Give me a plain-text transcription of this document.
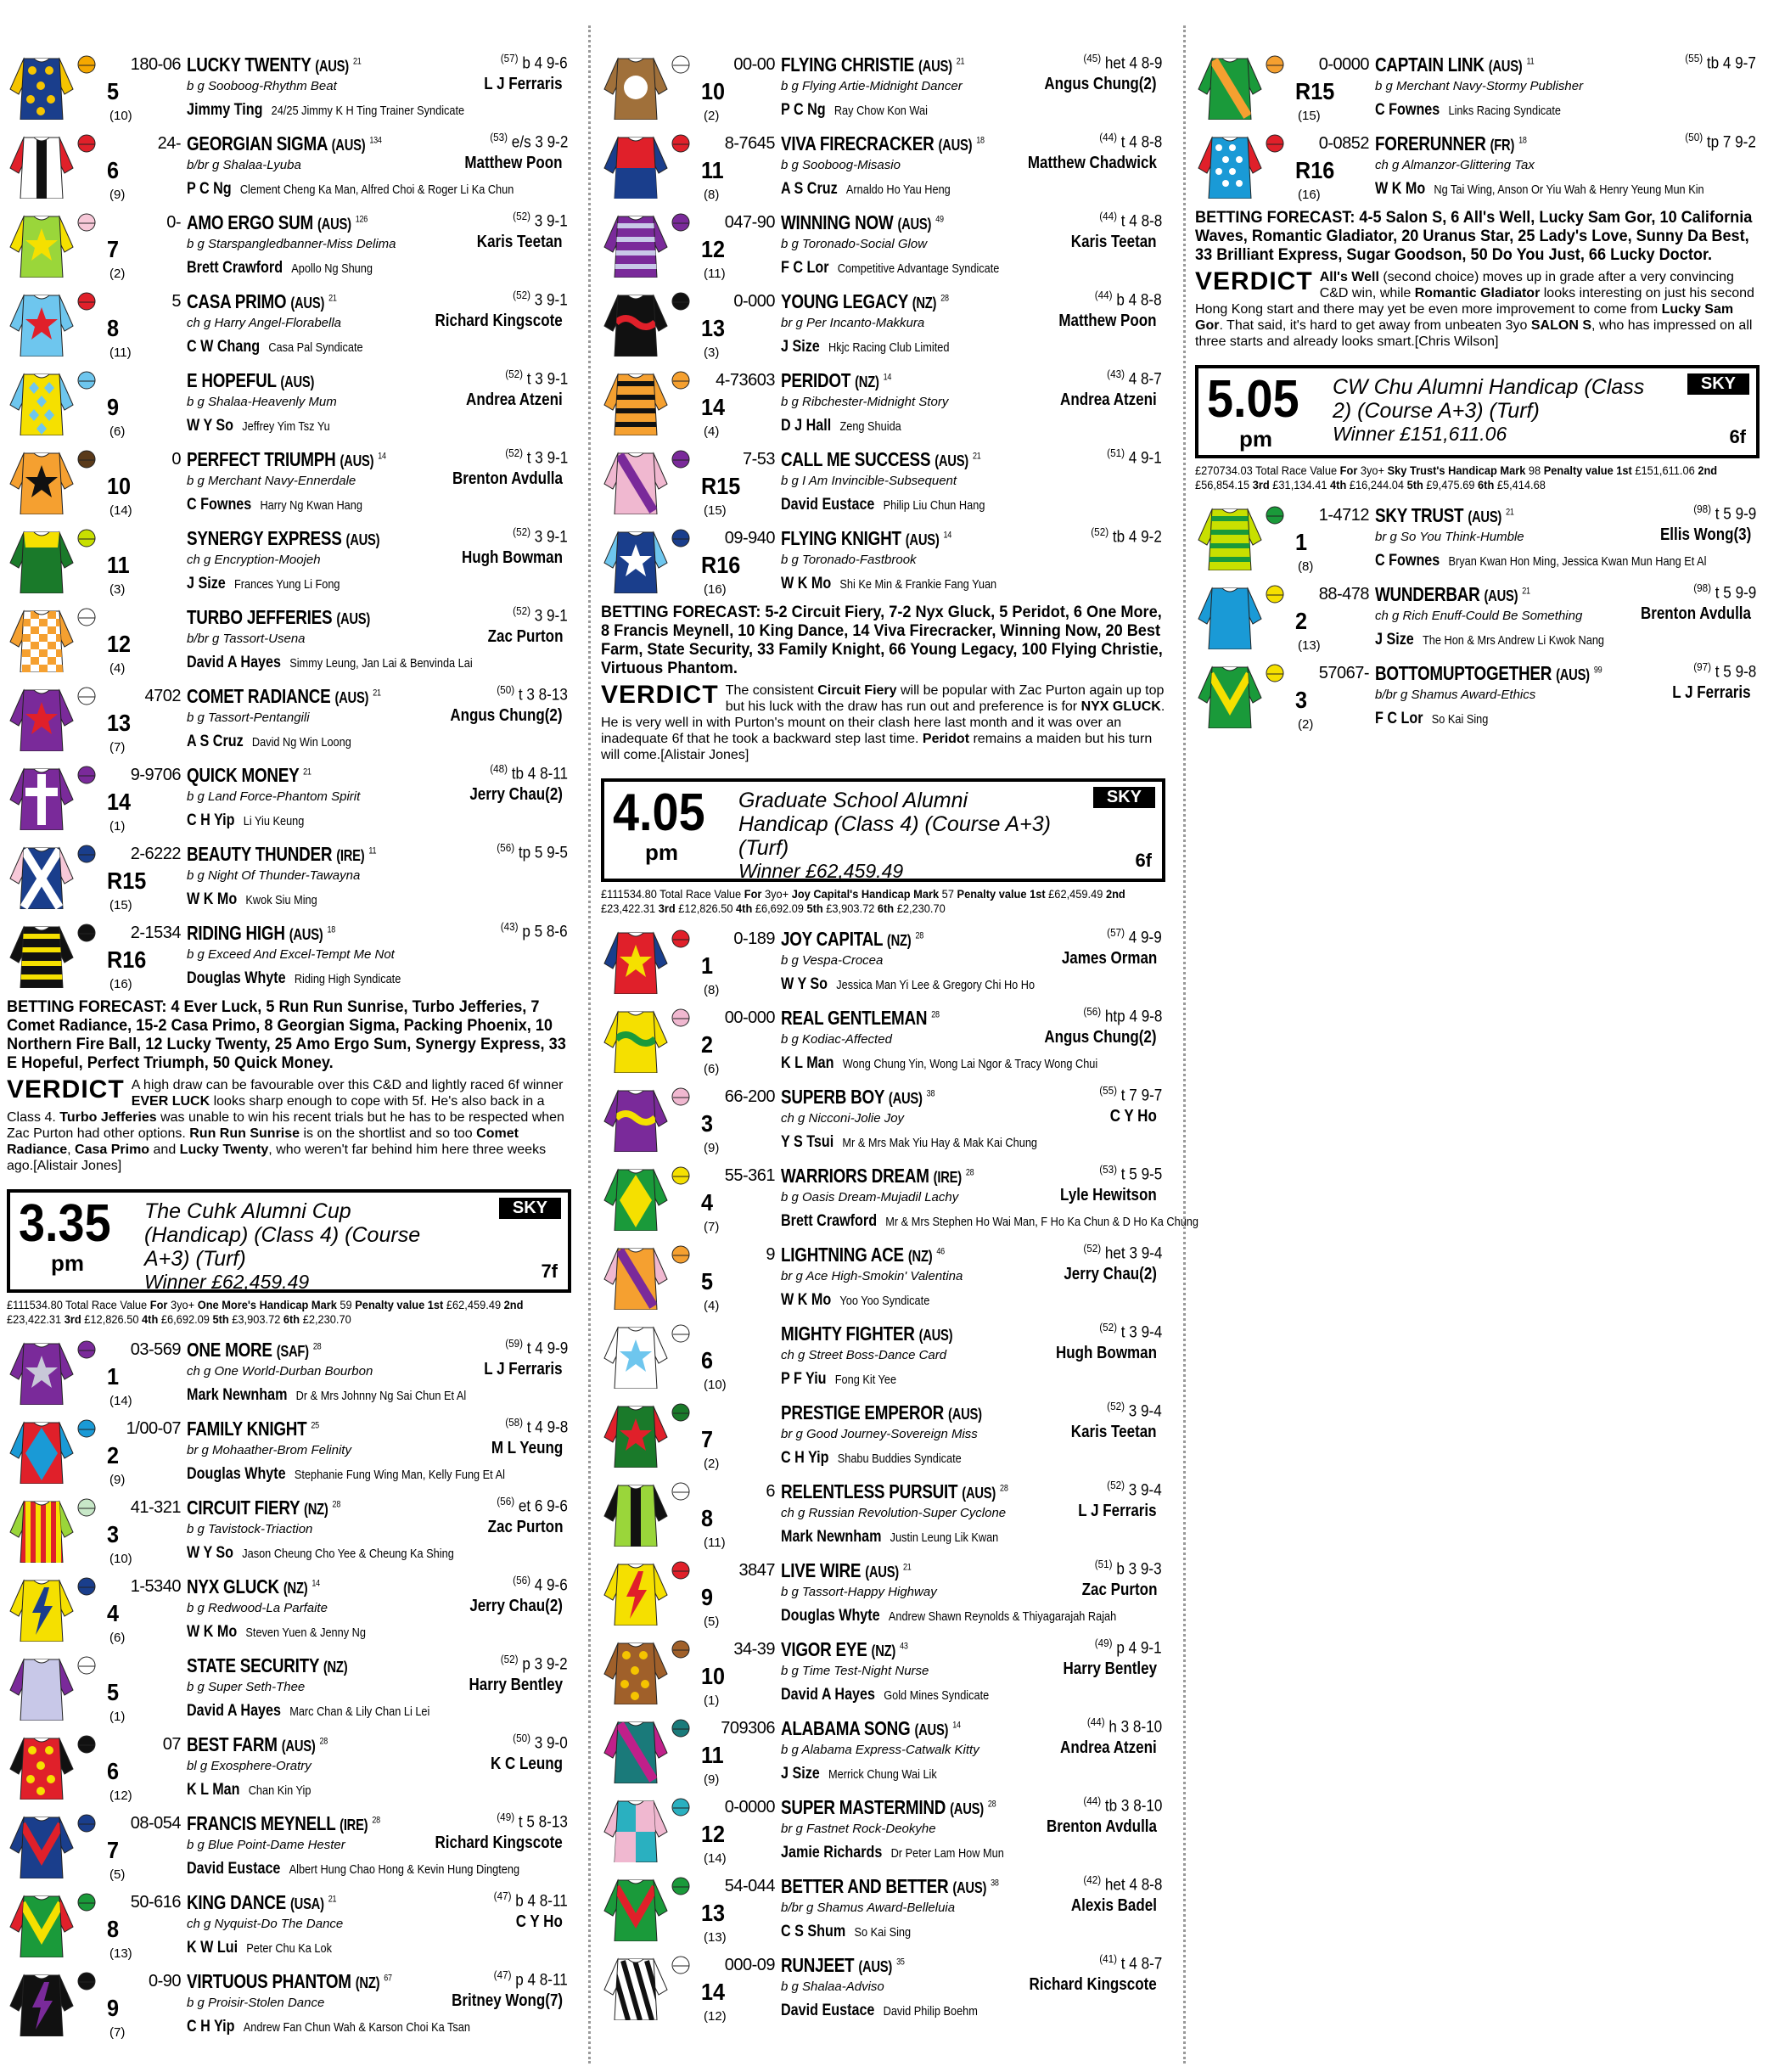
5
(10)
180-06 LUCKY TWENTY (AUS) $^{21}$	$^{(57)}$ b 4 9-6
b g Sooboog-Rhythm Beat	L J Ferraris
Jimmy Ting 24/25 Jimmy K H Ting Trainer Syndicate
6
(9)
24- GEORGIAN SIGMA (AUS) $^{134}$	$^{(53)}$ e/s 3 9-2
b/br g Shalaa-Lyuba	Matthew Poon
P C Ng Clement Cheng Ka Man, Alfred Choi & Roger Li Ka Chun
7
(2)
0- AMO ERGO SUM (AUS) $^{126}$	$^{(52)}$ 3 9-1
b g Starspangledbanner-Miss Delima	Karis Teetan
Brett Crawford Apollo Ng Shung
8
(11)
5 CASA PRIMO (AUS) $^{21}$	$^{(52)}$ 3 9-1
ch g Harry Angel-Florabella	Richard Kingscote
C W Chang Casa Pal Syndicate
9
(6)
E HOPEFUL (AUS)	$^{(52)}$ t 3 9-1
b g Shalaa-Heavenly Mum	Andrea Atzeni
W Y So Jeffrey Yim Tsz Yu
10
(14)
0 PERFECT TRIUMPH (AUS) $^{14}$	$^{(52)}$ t 3 9-1
b g Merchant Navy-Ennerdale	Brenton Avdulla
C Fownes Harry Ng Kwan Hang
11
(3)
SYNERGY EXPRESS (AUS)	$^{(52)}$ 3 9-1
ch g Encryption-Moojeh	Hugh Bowman
J Size Frances Yung Li Fong
12
(4)
TURBO JEFFERIES (AUS)	$^{(52)}$ 3 9-1
b/br g Tassort-Usena	Zac Purton
David A Hayes Simmy Leung, Jan Lai & Benvinda Lai
13
(7)
4702 COMET RADIANCE (AUS) $^{21}$	$^{(50)}$ t 3 8-13
b g Tassort-Pentangili	Angus Chung(2)
A S Cruz David Ng Win Loong
14
(1)
9-9706 QUICK MONEY $^{21}$	$^{(48)}$ tb 4 8-11
b g Land Force-Phantom Spirit	Jerry Chau(2)
C H Yip Li Yiu Keung
R15
(15)
2-6222 BEAUTY THUNDER (IRE) $^{11}$	$^{(56)}$ tp 5 9-5
b g Night Of Thunder-Tawayna
W K Mo Kwok Siu Ming
R16
(16)
2-1534 RIDING HIGH (AUS) $^{18}$	$^{(43)}$ p 5 8-6
b g Exceed And Excel-Tempt Me Not
Douglas Whyte Riding High Syndicate
BETTING FORECAST: 4 Ever Luck, 5 Run Run Sunrise, Turbo Jefferies, 7 Comet Radiance, 15-2 Casa Primo, 8 Georgian Sigma, Packing Phoenix, 10 Northern Fire Ball, 12 Lucky Twenty, 25 Amo Ergo Sum, Synergy Express, 33 E Hopeful, Perfect Triumph, 50 Quick Money.
VERDICT A high draw can be favourable over this C&D and lightly raced 6f winner EVER LUCK looks sharp enough to cope with 5f. He's also back in a Class 4. Turbo Jefferies was unable to win his recent trials but he has to be respected when Zac Purton had other options. Run Run Sunrise is on the shortlist and so too Comet Radiance, Casa Primo and Lucky Twenty, who weren't far behind him here three weeks ago.[Alistair Jones]
3.35
pm
The Cuhk Alumni Cup (Handicap) (Class 4) (Course A+3) (Turf)
Winner £62,459.49
SKY
7f
£111534.80 Total Race Value For 3yo+ One More's Handicap Mark 59 Penalty value 1st £62,459.49 2nd £23,422.31 3rd £12,826.50 4th £6,692.09 5th £3,903.72 6th £2,230.70
1
(14)
03-569 ONE MORE (SAF) $^{28}$	$^{(59)}$ t 4 9-9
ch g One World-Durban Bourbon	L J Ferraris
Mark Newnham Dr & Mrs Johnny Ng Sai Chun Et Al
2
(9)
1/00-07 FAMILY KNIGHT $^{25}$	$^{(58)}$ t 4 9-8
br g Mohaather-Brom Felinity	M L Yeung
Douglas Whyte Stephanie Fung Wing Man, Kelly Fung Et Al
3
(10)
41-321 CIRCUIT FIERY (NZ) $^{28}$	$^{(56)}$ et 6 9-6
b g Tavistock-Triaction	Zac Purton
W Y So Jason Cheung Cho Yee & Cheung Ka Shing
4
(6)
1-5340 NYX GLUCK (NZ) $^{14}$	$^{(56)}$ 4 9-6
b g Redwood-La Parfaite	Jerry Chau(2)
W K Mo Steven Yuen & Jenny Ng
5
(1)
STATE SECURITY (NZ)	$^{(52)}$ p 3 9-2
b g Super Seth-Thee	Harry Bentley
David A Hayes Marc Chan & Lily Chan Li Lei
6
(12)
07 BEST FARM (AUS) $^{28}$	$^{(50)}$ 3 9-0
bl g Exosphere-Oratry	K C Leung
K L Man Chan Kin Yip
7
(5)
08-054 FRANCIS MEYNELL (IRE) $^{28}$	$^{(49)}$ t 5 8-13
b g Blue Point-Dame Hester	Richard Kingscote
David Eustace Albert Hung Chao Hong & Kevin Hung Dingteng
8
(13)
50-616 KING DANCE (USA) $^{21}$	$^{(47)}$ b 4 8-11
ch g Nyquist-Do The Dance	C Y Ho
K W Lui Peter Chu Ka Lok
9
(7)
0-90 VIRTUOUS PHANTOM (NZ) $^{67}$	$^{(47)}$ p 4 8-11
b g Proisir-Stolen Dance	Britney Wong(7)
C H Yip Andrew Fan Chun Wah & Karson Choi Ka Tsan
10
(2)
00-00 FLYING CHRISTIE (AUS) $^{21}$	$^{(45)}$ het 4 8-9
b g Flying Artie-Midnight Dancer	Angus Chung(2)
P C Ng Ray Chow Kon Wai
11
(8)
8-7645 VIVA FIRECRACKER (AUS) $^{18}$	$^{(44)}$ t 4 8-8
b g Sooboog-Misasio	Matthew Chadwick
A S Cruz Arnaldo Ho Yau Heng
12
(11)
047-90 WINNING NOW (AUS) $^{49}$	$^{(44)}$ t 4 8-8
b g Toronado-Social Glow	Karis Teetan
F C Lor Competitive Advantage Syndicate
13
(3)
0-000 YOUNG LEGACY (NZ) $^{28}$	$^{(44)}$ b 4 8-8
br g Per Incanto-Makkura	Matthew Poon
J Size Hkjc Racing Club Limited
14
(4)
4-73603 PERIDOT (NZ) $^{14}$	$^{(43)}$ 4 8-7
b g Ribchester-Midnight Story	Andrea Atzeni
D J Hall Zeng Shuida
R15
(15)
7-53 CALL ME SUCCESS (AUS) $^{21}$	$^{(51)}$ 4 9-1
b g I Am Invincible-Subsequent
David Eustace Philip Liu Chun Hang
R16
(16)
09-940 FLYING KNIGHT (AUS) $^{14}$	$^{(52)}$ tb 4 9-2
b g Toronado-Fastbrook
W K Mo Shi Ke Min & Frankie Fang Yuan
BETTING FORECAST: 5-2 Circuit Fiery, 7-2 Nyx Gluck, 5 Peridot, 6 One More, 8 Francis Meynell, 10 King Dance, 14 Viva Firecracker, Winning Now, 20 Best Farm, State Security, 33 Family Knight, 66 Young Legacy, 100 Flying Christie, Virtuous Phantom.
VERDICT The consistent Circuit Fiery will be popular with Zac Purton again up top but his luck with the draw has run out and preference is for NYX GLUCK. He is very well in with Purton's mount on their clash here last month and it was over an inadequate 6f that he took a backward step last time. Peridot remains a maiden but his turn will come.[Alistair Jones]
4.05
pm
Graduate School Alumni Handicap (Class 4) (Course A+3) (Turf)
Winner £62,459.49
SKY
6f
£111534.80 Total Race Value For 3yo+ Joy Capital's Handicap Mark 57 Penalty value 1st £62,459.49 2nd £23,422.31 3rd £12,826.50 4th £6,692.09 5th £3,903.72 6th £2,230.70
1
(8)
0-189 JOY CAPITAL (NZ) $^{28}$	$^{(57)}$ 4 9-9
b g Vespa-Crocea	James Orman
W Y So Jessica Man Yi Lee & Gregory Chi Ho Ho
2
(6)
00-000 REAL GENTLEMAN $^{28}$	$^{(56)}$ htp 4 9-8
b g Kodiac-Affected	Angus Chung(2)
K L Man Wong Chung Yin, Wong Lai Ngor & Tracy Wong Chui
3
(9)
66-200 SUPERB BOY (AUS) $^{38}$	$^{(55)}$ t 7 9-7
ch g Nicconi-Jolie Joy	C Y Ho
Y S Tsui Mr & Mrs Mak Yiu Hay & Mak Kai Chung
4
(7)
55-361 WARRIORS DREAM (IRE) $^{28}$	$^{(53)}$ t 5 9-5
b g Oasis Dream-Mujadil Lachy	Lyle Hewitson
Brett Crawford Mr & Mrs Stephen Ho Wai Man, F Ho Ka Chun & D Ho Ka Chung
5
(4)
9 LIGHTNING ACE (NZ) $^{46}$	$^{(52)}$ het 3 9-4
br g Ace High-Smokin' Valentina	Jerry Chau(2)
W K Mo Yoo Yoo Syndicate
6
(10)
MIGHTY FIGHTER (AUS)	$^{(52)}$ t 3 9-4
ch g Street Boss-Dance Card	Hugh Bowman
P F Yiu Fong Kit Yee
7
(2)
PRESTIGE EMPEROR (AUS)	$^{(52)}$ 3 9-4
br g Good Journey-Sovereign Miss	Karis Teetan
C H Yip Shabu Buddies Syndicate
8
(11)
6 RELENTLESS PURSUIT (AUS) $^{28}$	$^{(52)}$ 3 9-4
ch g Russian Revolution-Super Cyclone	L J Ferraris
Mark Newnham Justin Leung Lik Kwan
9
(5)
3847 LIVE WIRE (AUS) $^{21}$	$^{(51)}$ b 3 9-3
b g Tassort-Happy Highway	Zac Purton
Douglas Whyte Andrew Shawn Reynolds & Thiyagarajah Rajah
10
(1)
34-39 VIGOR EYE (NZ) $^{43}$	$^{(49)}$ p 4 9-1
b g Time Test-Night Nurse	Harry Bentley
David A Hayes Gold Mines Syndicate
11
(9)
709306 ALABAMA SONG (AUS) $^{14}$	$^{(44)}$ h 3 8-10
b g Alabama Express-Catwalk Kitty	Andrea Atzeni
J Size Merrick Chung Wai Lik
12
(14)
0-0000 SUPER MASTERMIND (AUS) $^{28}$	$^{(44)}$ tb 3 8-10
br g Fastnet Rock-Deokyhe	Brenton Avdulla
Jamie Richards Dr Peter Lam How Mun
13
(13)
54-044 BETTER AND BETTER (AUS) $^{38}$	$^{(42)}$ het 4 8-8
b/br g Shamus Award-Belleluia	Alexis Badel
C S Shum So Kai Sing
14
(12)
000-09 RUNJEET (AUS) $^{35}$	$^{(41)}$ t 4 8-7
b g Shalaa-Adviso	Richard Kingscote
David Eustace David Philip Boehm
R15
(15)
0-0000 CAPTAIN LINK (AUS) $^{11}$	$^{(55)}$ tb 4 9-7
b g Merchant Navy-Stormy Publisher
C Fownes Links Racing Syndicate
R16
(16)
0-0852 FORERUNNER (FR) $^{18}$	$^{(50)}$ tp 7 9-2
ch g Almanzor-Glittering Tax
W K Mo Ng Tai Wing, Anson Or Yiu Wah & Henry Yeung Mun Kin
BETTING FORECAST: 4-5 Salon S, 6 All's Well, Lucky Sam Gor, 10 California Waves, Romantic Gladiator, 20 Uranus Star, 25 Lady's Love, Sunny Da Best, 33 Brilliant Express, Sugar Goodson, 50 Do You Just, 66 Lucky Doctor.
VERDICT All's Well (second choice) moves up in grade after a very convincing C&D win, while Romantic Gladiator looks interesting on just his second Hong Kong start and there may yet be even more improvement to come from Lucky Sam Gor. That said, it's hard to get away from unbeaten 3yo SALON S, who has impressed on all three starts and already looks smart.[Chris Wilson]
5.05
pm
CW Chu Alumni Handicap (Class 2) (Course A+3) (Turf)
Winner £151,611.06
SKY
6f
£270734.03 Total Race Value For 3yo+ Sky Trust's Handicap Mark 98 Penalty value 1st £151,611.06 2nd £56,854.15 3rd £31,134.41 4th £16,244.04 5th £9,475.69 6th £5,414.68
1
(8)
1-4712 SKY TRUST (AUS) $^{21}$	$^{(98)}$ t 5 9-9
br g So You Think-Humble	Ellis Wong(3)
C Fownes Bryan Kwan Hon Ming, Jessica Kwan Mun Hang Et Al
2
(13)
88-478 WUNDERBAR (AUS) $^{21}$	$^{(98)}$ t 5 9-9
ch g Rich Enuff-Could Be Something	Brenton Avdulla
J Size The Hon & Mrs Andrew Li Kwok Nang
3
(2)
57067- BOTTOMUPTOGETHER (AUS) $^{99}$	$^{(97)}$ t 5 9-8
b/br g Shamus Award-Ethics	L J Ferraris
F C Lor So Kai Sing
